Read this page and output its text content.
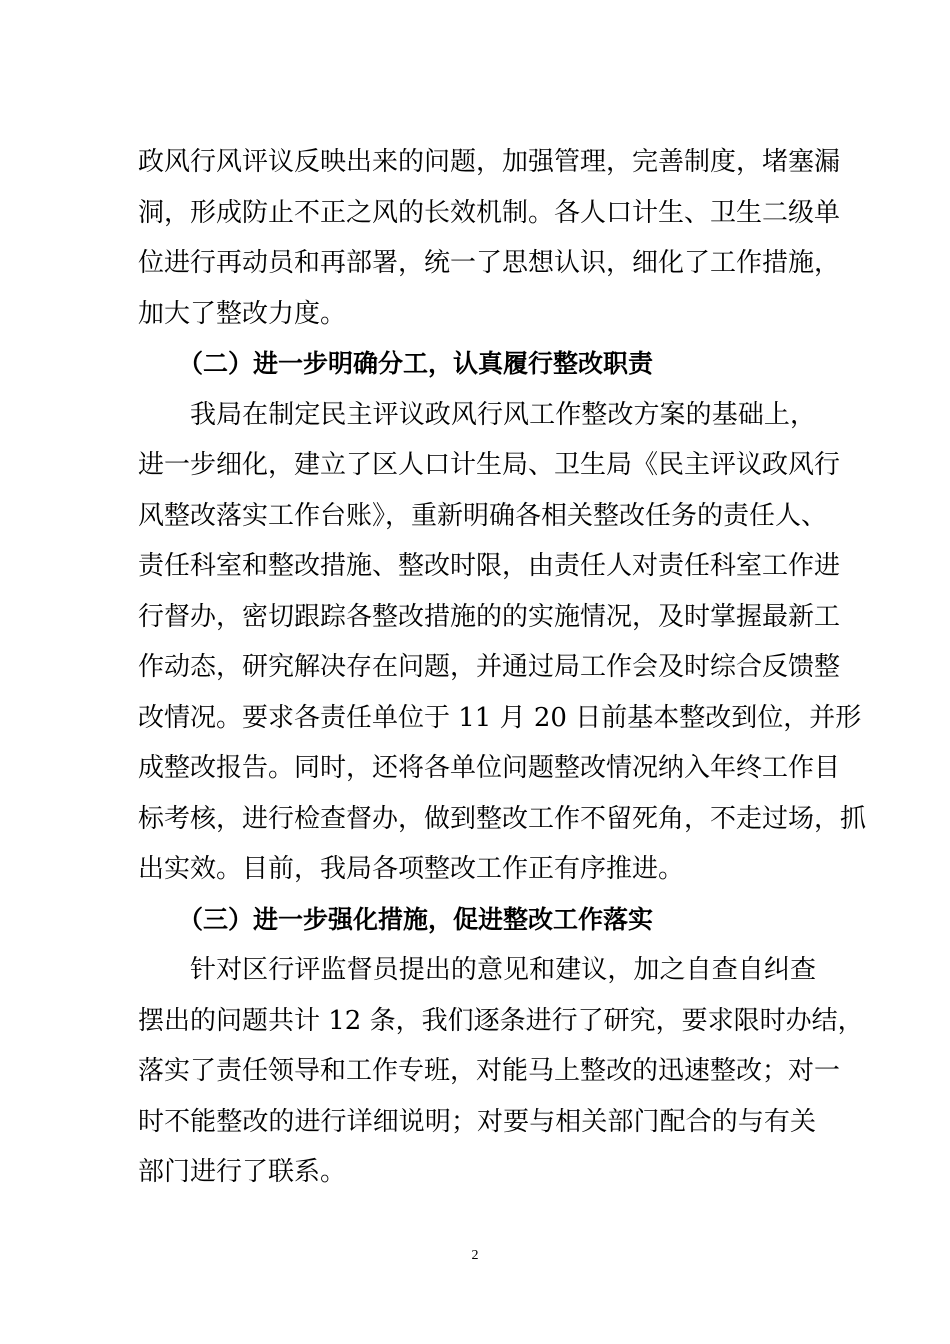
政风行风评议反映出来的问题，加强管理，完善制度，堵塞漏
洞，形成防止不正之风的长效机制。各人口计生、卫生二级单
位进行再动员和再部署，统一了思想认识，细化了工作措施，
加大了整改力度。
（二）进一步明确分工，认真履行整改职责
我局在制定民主评议政风行风工作整改方案的基础上，
进一步细化，建立了区人口计生局、卫生局《民主评议政风行
风整改落实工作台账》，重新明确各相关整改任务的责任人、
责任科室和整改措施、整改时限，由责任人对责任科室工作进
行督办，密切跟踪各整改措施的的实施情况，及时掌握最新工
作动态，研究解决存在问题，并通过局工作会及时综合反馈整
改情况。要求各责任单位于 11 月 20 日前基本整改到位，并形
成整改报告。同时，还将各单位问题整改情况纳入年终工作目
标考核，进行检查督办，做到整改工作不留死角，不走过场，抓
出实效。目前，我局各项整改工作正有序推进。
（三）进一步强化措施，促进整改工作落实
针对区行评监督员提出的意见和建议，加之自查自纠查
摆出的问题共计 12 条，我们逐条进行了研究，要求限时办结，
落实了责任领导和工作专班，对能马上整改的迅速整改；对一
时不能整改的进行详细说明；对要与相关部门配合的与有关
部门进行了联系。
2
